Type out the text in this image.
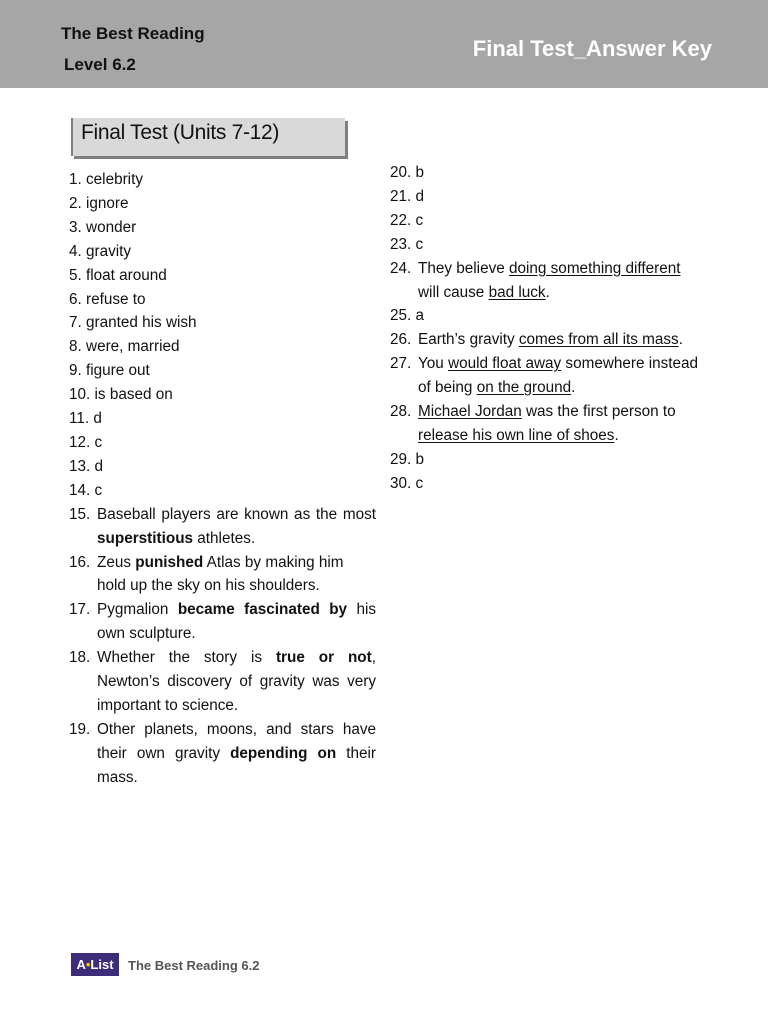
The Best Reading
Level 6.2
Final Test_Answer Key
Final Test (Units 7-12)
1. celebrity
2. ignore
3. wonder
4. gravity
5. float around
6. refuse to
7. granted his wish
8. were, married
9. figure out
10. is based on
11. d
12. c
13. d
14. c
15. Baseball players are known as the most superstitious athletes.
16. Zeus punished Atlas by making him hold up the sky on his shoulders.
17. Pygmalion became fascinated by his own sculpture.
18. Whether the story is true or not, Newton’s discovery of gravity was very important to science.
19. Other planets, moons, and stars have their own gravity depending on their mass.
20. b
21. d
22. c
23. c
24. They believe doing something different will cause bad luck.
25. a
26. Earth’s gravity comes from all its mass.
27. You would float away somewhere instead of being on the ground.
28. Michael Jordan was the first person to release his own line of shoes.
29. b
30. c
A•List	The Best Reading 6.2
